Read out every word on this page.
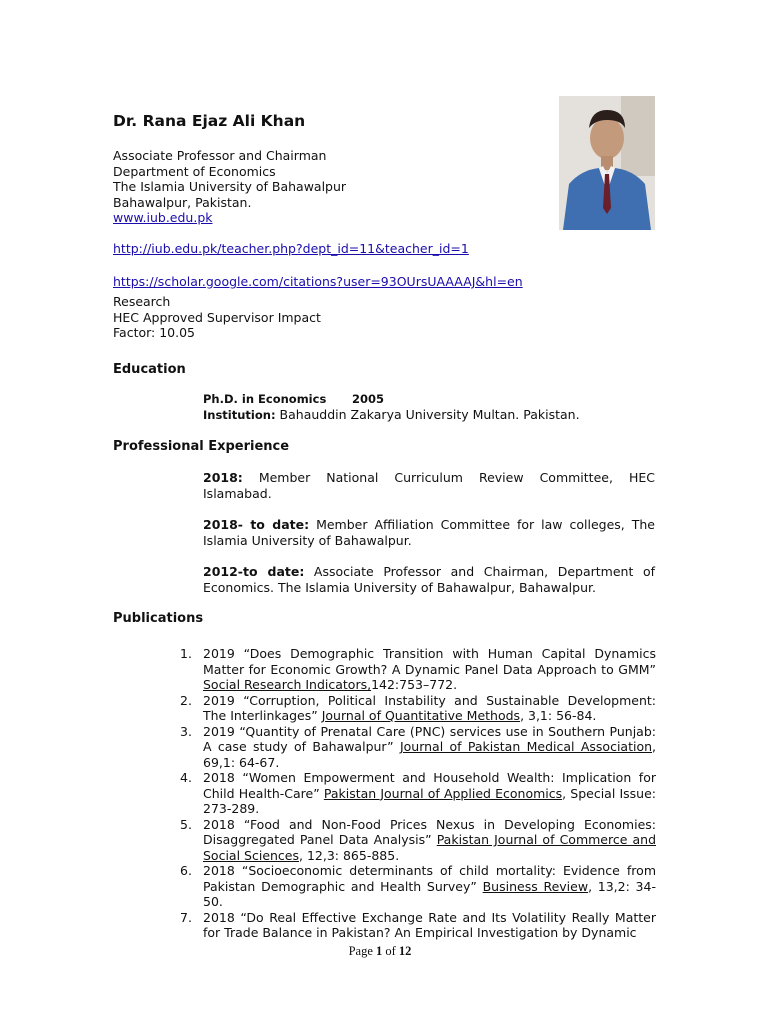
Dr. Rana Ejaz Ali Khan
Associate Professor and Chairman
Department of Economics
The Islamia University of Bahawalpur
Bahawalpur, Pakistan.
www.iub.edu.pk
http://iub.edu.pk/teacher.php?dept_id=11&teacher_id=1
https://scholar.google.com/citations?user=93OUrsUAAAAJ&hl=en
Research
HEC Approved Supervisor Impact
Factor: 10.05
Education
Ph.D. in Economics 2005
Institution: Bahauddin Zakarya University Multan. Pakistan.
Professional Experience
2018: Member National Curriculum Review Committee, HEC Islamabad.
2018- to date: Member Affiliation Committee for law colleges, The Islamia University of Bahawalpur.
2012-to date: Associate Professor and Chairman, Department of Economics. The Islamia University of Bahawalpur, Bahawalpur.
Publications
1. 2019 “Does Demographic Transition with Human Capital Dynamics Matter for Economic Growth? A Dynamic Panel Data Approach to GMM” Social Research Indicators,142:753–772.
2. 2019 “Corruption, Political Instability and Sustainable Development: The Interlinkages” Journal of Quantitative Methods, 3,1: 56-84.
3. 2019 “Quantity of Prenatal Care (PNC) services use in Southern Punjab: A case study of Bahawalpur” Journal of Pakistan Medical Association, 69,1: 64-67.
4. 2018 “Women Empowerment and Household Wealth: Implication for Child Health-Care” Pakistan Journal of Applied Economics, Special Issue: 273-289.
5. 2018 “Food and Non-Food Prices Nexus in Developing Economies: Disaggregated Panel Data Analysis” Pakistan Journal of Commerce and Social Sciences, 12,3: 865-885.
6. 2018 “Socioeconomic determinants of child mortality: Evidence from Pakistan Demographic and Health Survey” Business Review, 13,2: 34-50.
7. 2018 “Do Real Effective Exchange Rate and Its Volatility Really Matter for Trade Balance in Pakistan? An Empirical Investigation by Dynamic
Page 1 of 12
